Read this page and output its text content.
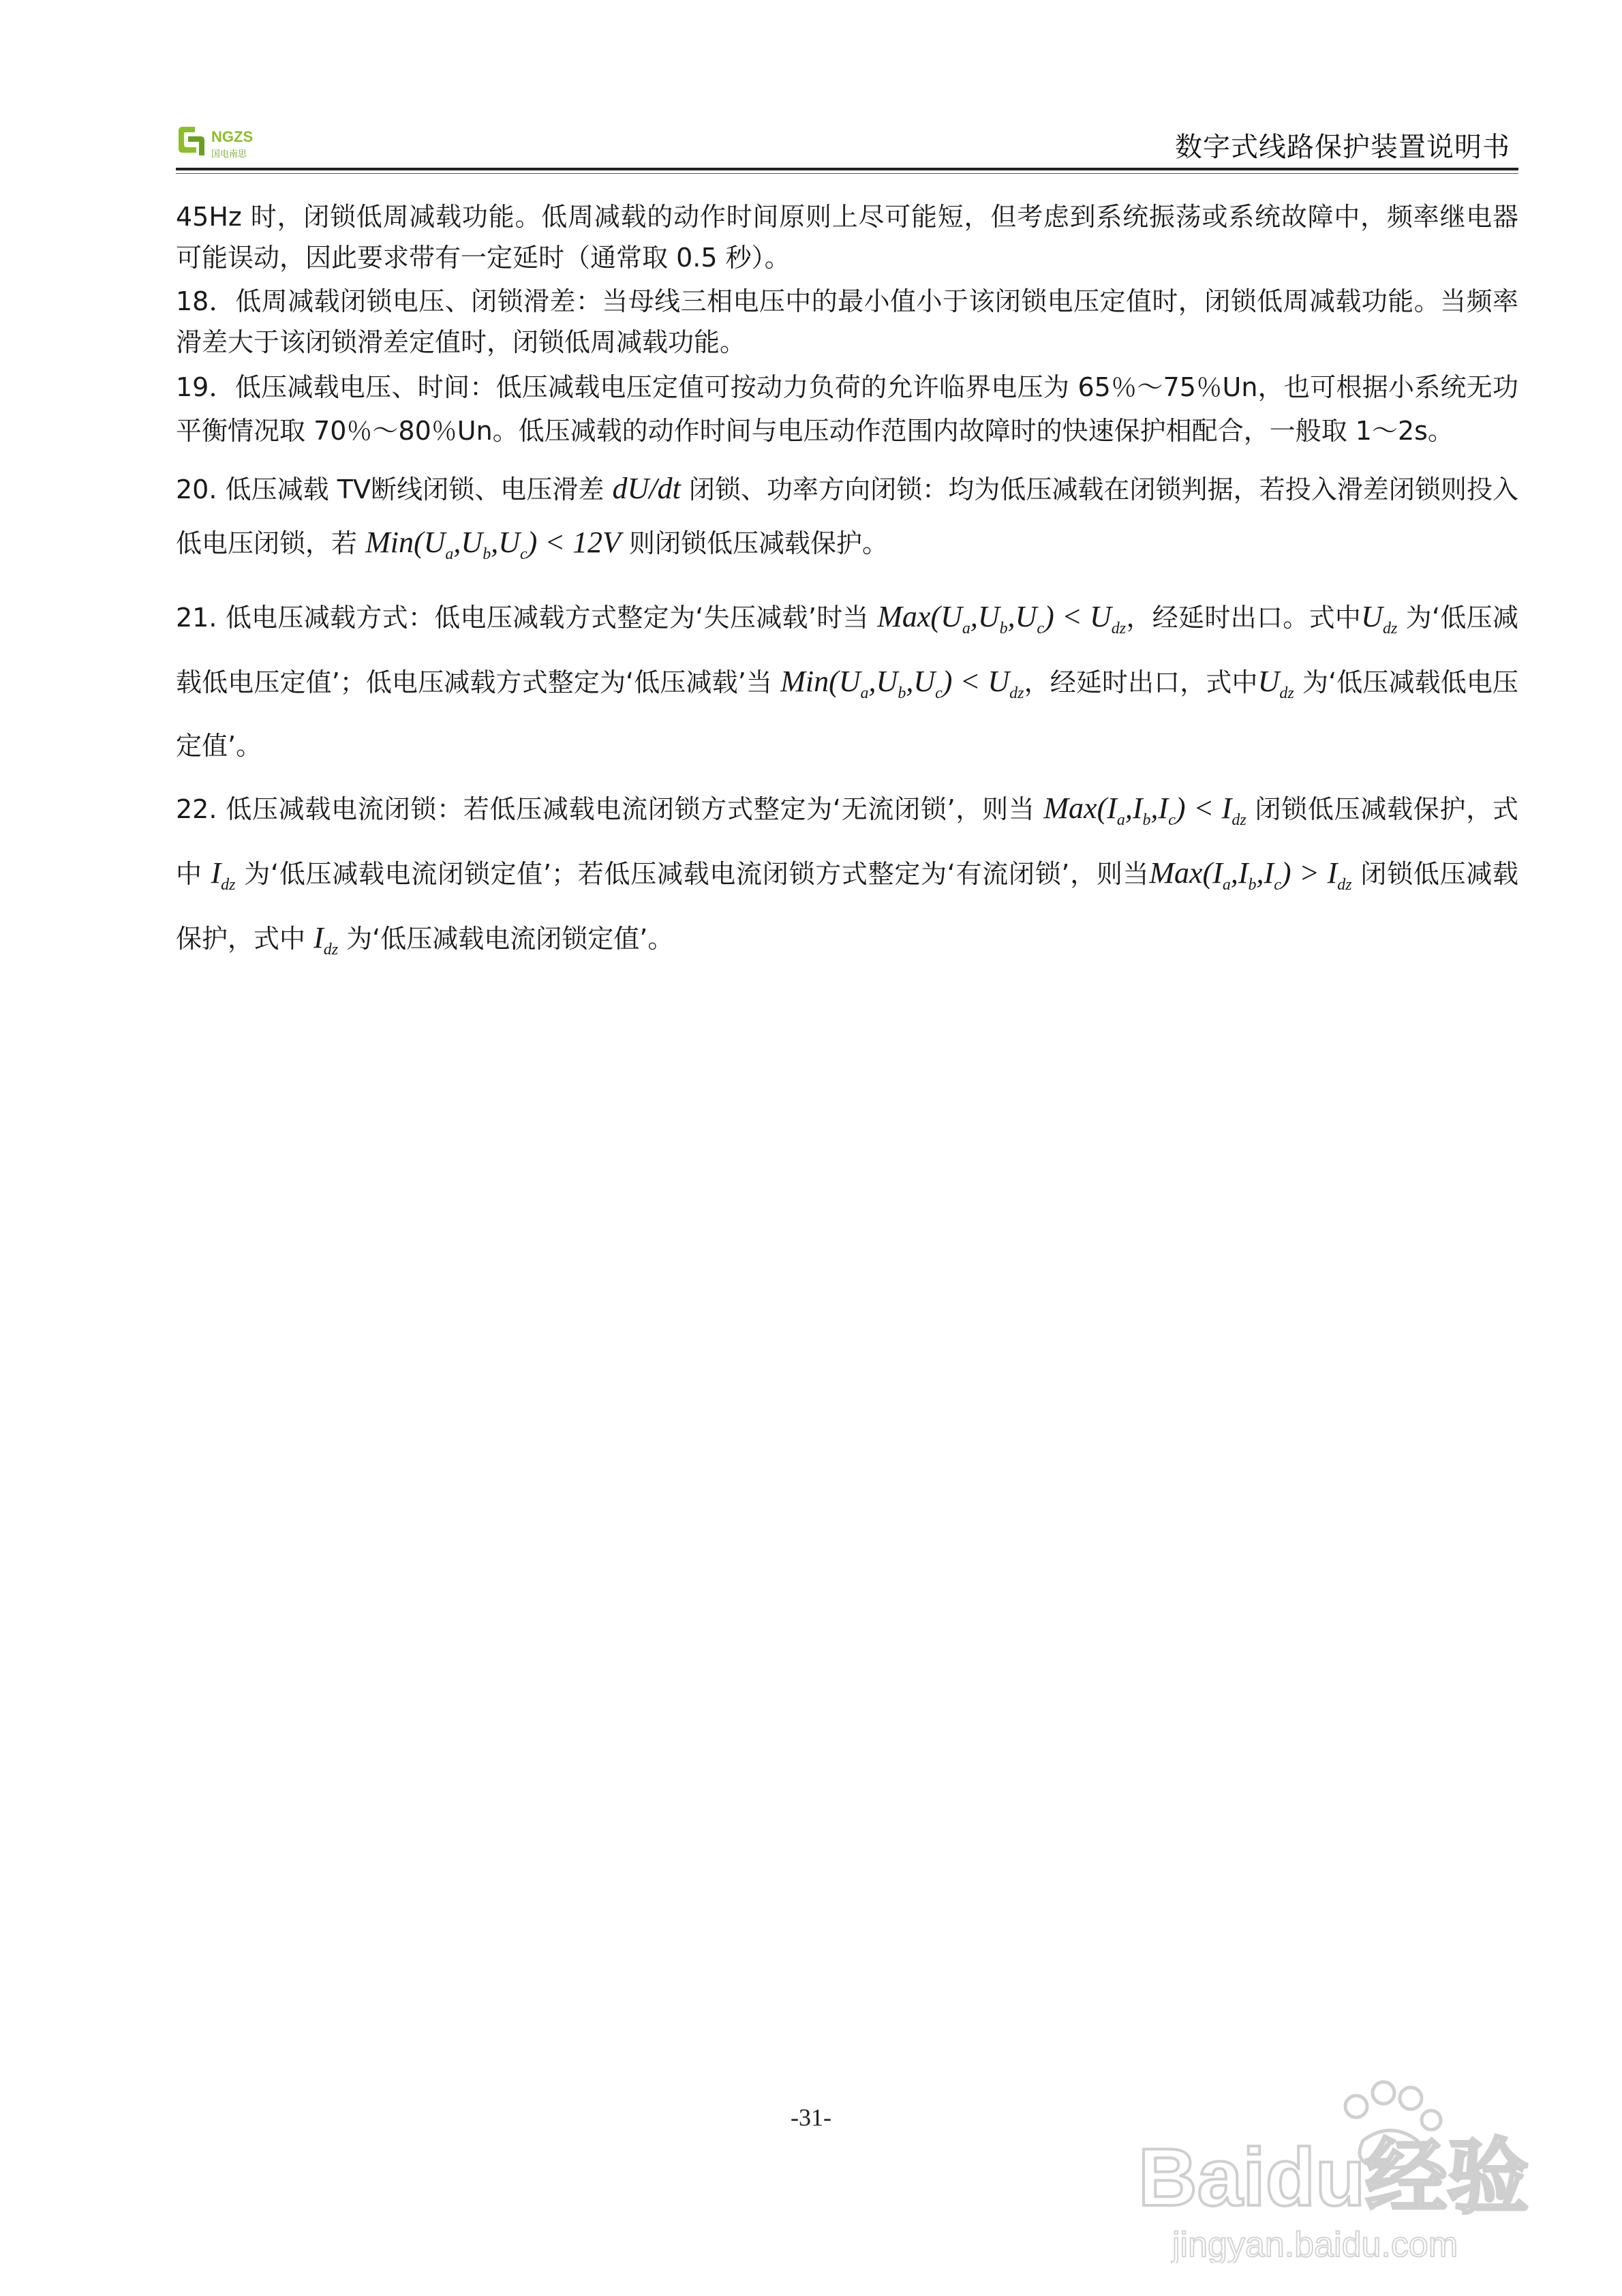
NGZS
国电南思	数字式线路保护装置说明书

45Hz 时，闭锁低周减载功能。低周减载的动作时间原则上尽可能短，但考虑到系统振荡或系统故障中，频率继电器可能误动，因此要求带有一定延时（通常取 0.5 秒）。

18．低周减载闭锁电压、闭锁滑差：当母线三相电压中的最小值小于该闭锁电压定值时，闭锁低周减载功能。当频率滑差大于该闭锁滑差定值时，闭锁低周减载功能。

19．低压减载电压、时间：低压减载电压定值可按动力负荷的允许临界电压为 65％～75％Un，也可根据小系统无功平衡情况取 70％～80％Un。低压减载的动作时间与电压动作范围内故障时的快速保护相配合，一般取 1～2s。

20. 低压减载 TV断线闭锁、电压滑差 dU/dt 闭锁、功率方向闭锁：均为低压减载在闭锁判据，若投入滑差闭锁则投入低电压闭锁，若 $Min(U_a,U_b,U_c) < 12V$ 则闭锁低压减载保护。

21. 低电压减载方式：低电压减载方式整定为‘失压减载’时当 $Max(U_a,U_b,U_c) < U_{dz}$，经延时出口。式中$U_{dz}$ 为‘低压减载低电压定值’；低电压减载方式整定为‘低压减载’当 $Min(U_a,U_b,U_c) < U_{dz}$，经延时出口，式中$U_{dz}$ 为‘低压减载低电压定值’。

22. 低压减载电流闭锁：若低压减载电流闭锁方式整定为‘无流闭锁’，则当 $Max(I_a,I_b,I_c) < I_{dz}$ 闭锁低压减载保护，式中 $I_{dz}$ 为‘低压减载电流闭锁定值’；若低压减载电流闭锁方式整定为‘有流闭锁’，则当$Max(I_a,I_b,I_c) > I_{dz}$ 闭锁低压减载保护，式中 $I_{dz}$ 为‘低压减载电流闭锁定值’。

-31-
Baidu经验
jingyan.baidu.com
